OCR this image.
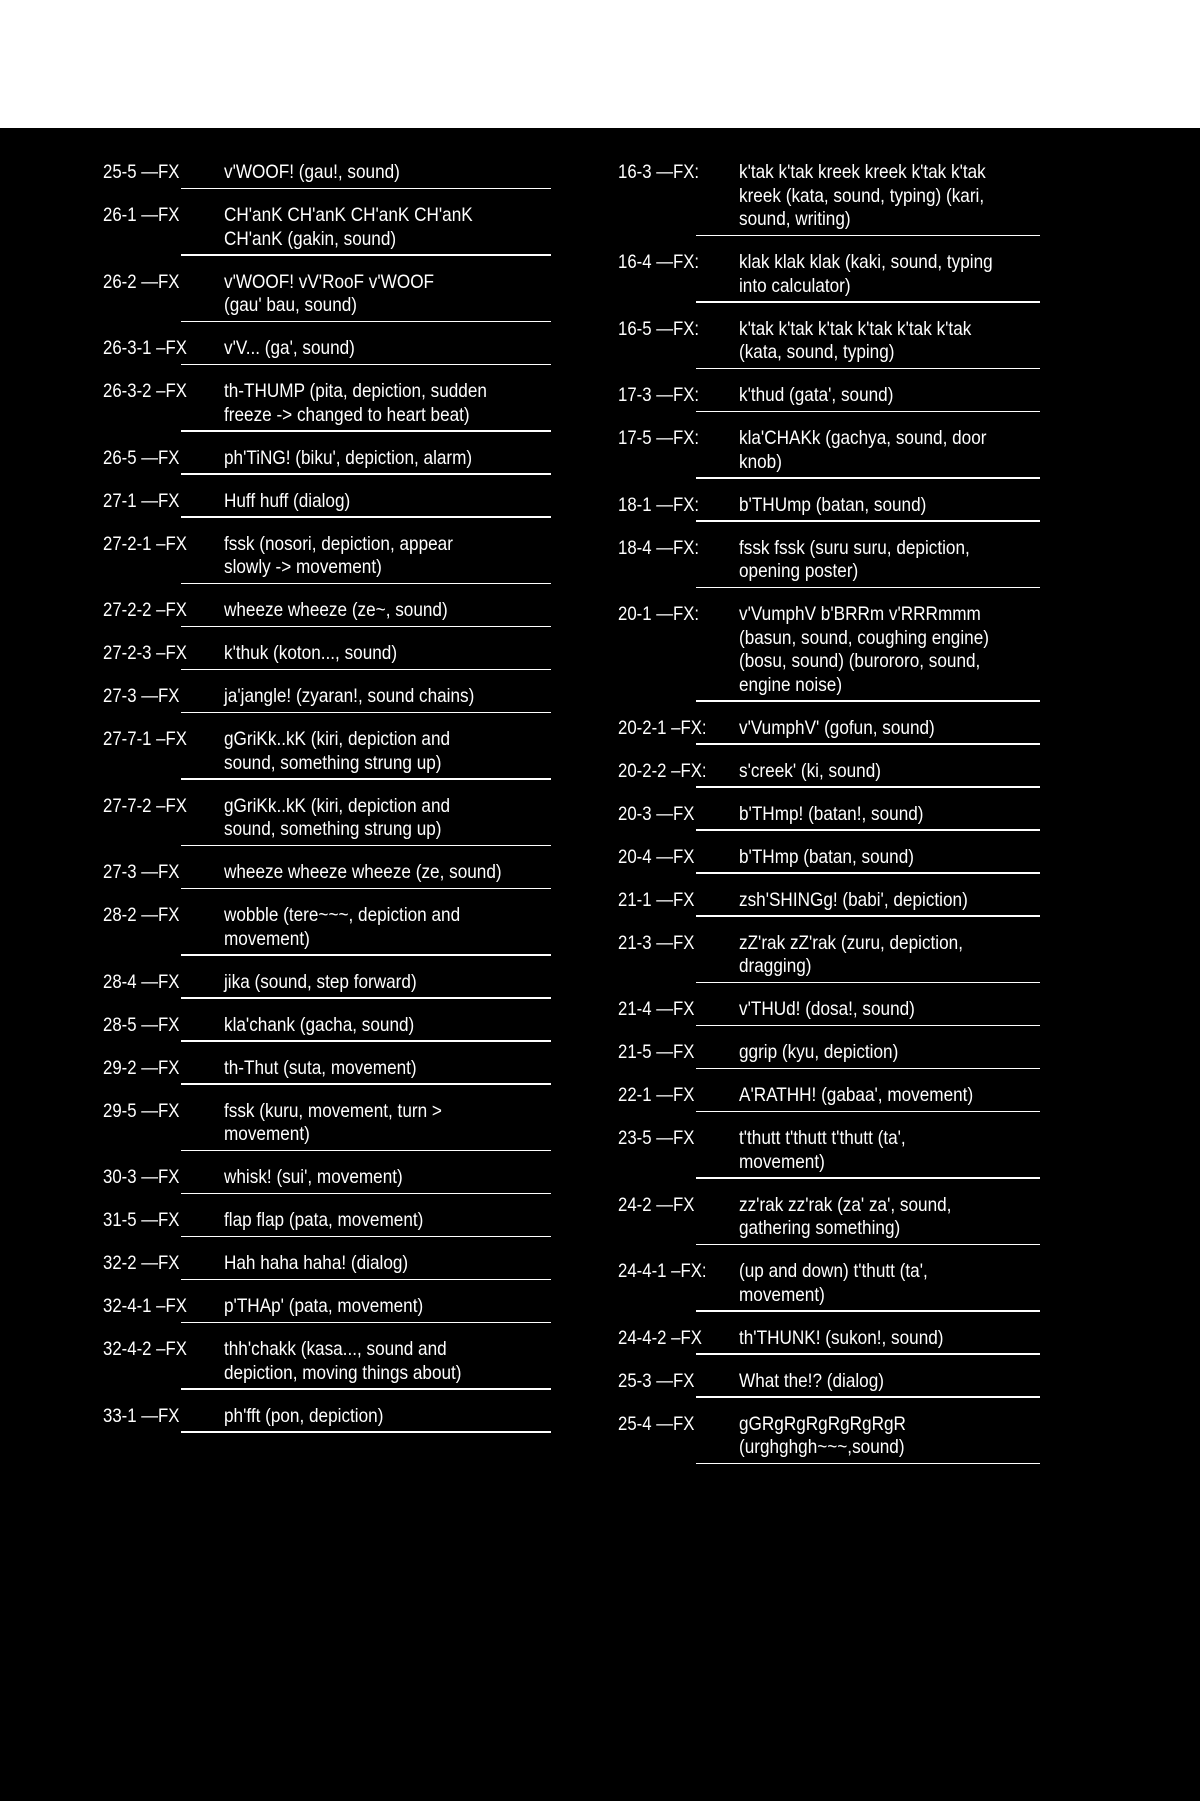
25-5 —FX	v'WOOF! (gau!, sound)
26-1 —FX	CH'anK CH'anK CH'anK CH'anK
CH'anK (gakin, sound)
26-2 —FX	v'WOOF! vV'RooF v'WOOF
(gau' bau, sound)
26-3-1 –FX	v'V... (ga', sound)
26-3-2 –FX	th-THUMP (pita, depiction, sudden
freeze -> changed to heart beat)
26-5 —FX	ph'TiNG! (biku', depiction, alarm)
27-1 —FX	Huff huff (dialog)
27-2-1 –FX	fssk (nosori, depiction, appear
slowly -> movement)
27-2-2 –FX	wheeze wheeze (ze~, sound)
27-2-3 –FX	k'thuk (koton..., sound)
27-3 —FX	ja'jangle! (zyaran!, sound chains)
27-7-1 –FX	gGriKk..kK (kiri, depiction and
sound, something strung up)
27-7-2 –FX	gGriKk..kK (kiri, depiction and
sound, something strung up)
27-3 —FX	wheeze wheeze wheeze (ze, sound)
28-2 —FX	wobble (tere~~~, depiction and
movement)
28-4 —FX	jika (sound, step forward)
28-5 —FX	kla'chank (gacha, sound)
29-2 —FX	th-Thut (suta, movement)
29-5 —FX	fssk (kuru, movement, turn >
movement)
30-3 —FX	whisk! (sui', movement)
31-5 —FX	flap flap (pata, movement)
32-2 —FX	Hah haha haha! (dialog)
32-4-1 –FX	p'THAp' (pata, movement)
32-4-2 –FX	thh'chakk (kasa..., sound and
depiction, moving things about)
33-1 —FX	ph'fft (pon, depiction)
16-3 —FX:	k'tak k'tak kreek kreek k'tak k'tak
kreek (kata, sound, typing) (kari,
sound, writing)
16-4 —FX:	klak klak klak (kaki, sound, typing
into calculator)
16-5 —FX:	k'tak k'tak k'tak k'tak k'tak k'tak
(kata, sound, typing)
17-3 —FX:	k'thud (gata', sound)
17-5 —FX:	kla'CHAKk (gachya, sound, door
knob)
18-1 —FX:	b'THUmp (batan, sound)
18-4 —FX:	fssk fssk (suru suru, depiction,
opening poster)
20-1 —FX:	v'VumphV b'BRRm v'RRRmmm
(basun, sound, coughing engine)
(bosu, sound) (burororo, sound,
engine noise)
20-2-1 –FX:	v'VumphV' (gofun, sound)
20-2-2 –FX:	s'creek' (ki, sound)
20-3 —FX	b'THmp! (batan!, sound)
20-4 —FX	b'THmp (batan, sound)
21-1 —FX	zsh'SHINGg! (babi', depiction)
21-3 —FX	zZ'rak zZ'rak (zuru, depiction,
dragging)
21-4 —FX	v'THUd! (dosa!, sound)
21-5 —FX	ggrip (kyu, depiction)
22-1 —FX	A'RATHH! (gabaa', movement)
23-5 —FX	t'thutt t'thutt t'thutt (ta',
movement)
24-2 —FX	zz'rak zz'rak (za' za', sound,
gathering something)
24-4-1 –FX:	(up and down) t'thutt (ta',
movement)
24-4-2 –FX	th'THUNK! (sukon!, sound)
25-3 —FX	What the!? (dialog)
25-4 —FX	gGRgRgRgRgRgRgR
(urghghgh~~~,sound)
